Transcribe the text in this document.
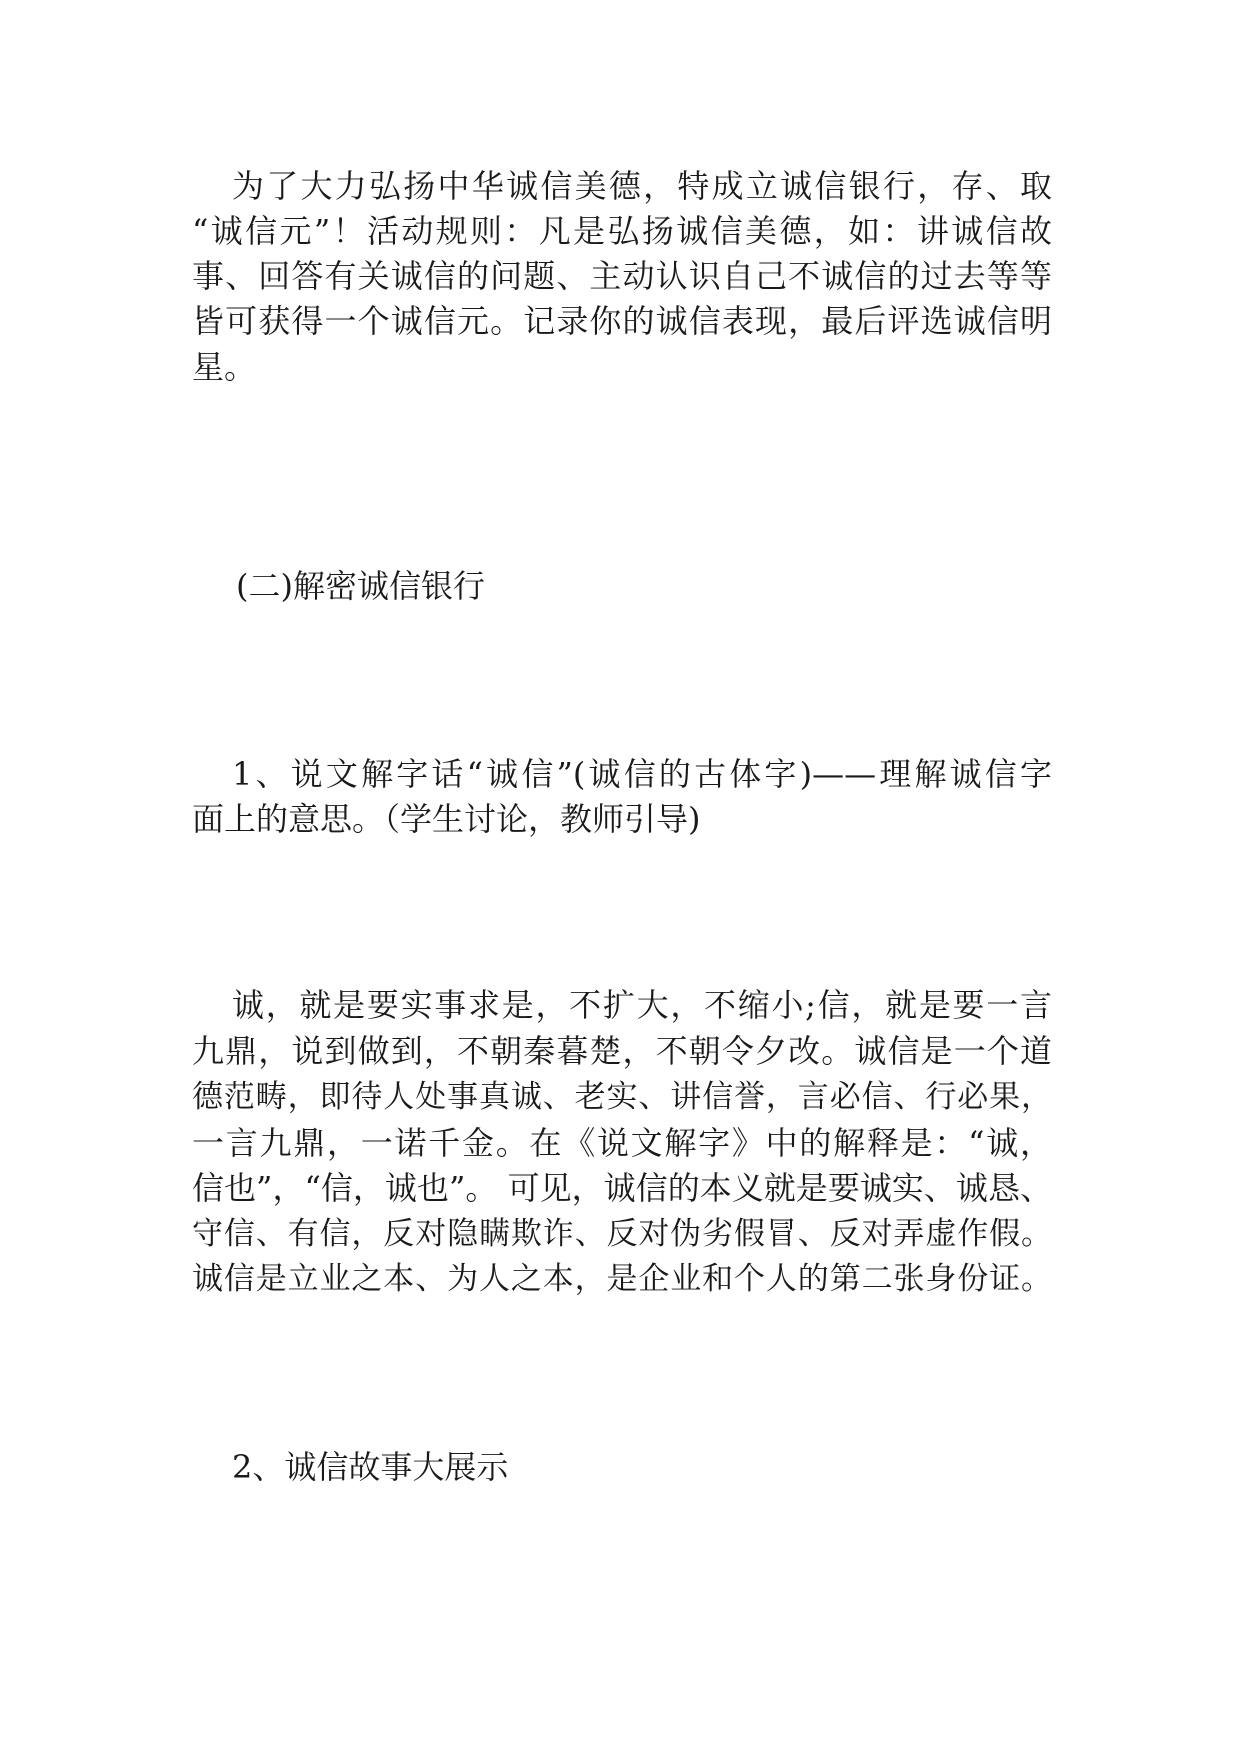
为了大力弘扬中华诚信美德，特成立诚信银行，存、取
“诚信元”！活动规则：凡是弘扬诚信美德，如：讲诚信故
事、回答有关诚信的问题、主动认识自己不诚信的过去等等
皆可获得一个诚信元。记录你的诚信表现，最后评选诚信明
星。
(二)解密诚信银行
1、说文解字话“诚信”(诚信的古体字)——理解诚信字
面上的意思。（学生讨论，教师引导)
诚，就是要实事求是，不扩大，不缩小;信，就是要一言
九鼎，说到做到，不朝秦暮楚，不朝令夕改。诚信是一个道
德范畴，即待人处事真诚、老实、讲信誉，言必信、行必果，
一言九鼎，一诺千金。在《说文解字》中的解释是：“诚，
信也”，“信，诚也”。 可见，诚信的本义就是要诚实、诚恳、
守信、有信，反对隐瞒欺诈、反对伪劣假冒、反对弄虚作假。
诚信是立业之本、为人之本，是企业和个人的第二张身份证。
2、诚信故事大展示
